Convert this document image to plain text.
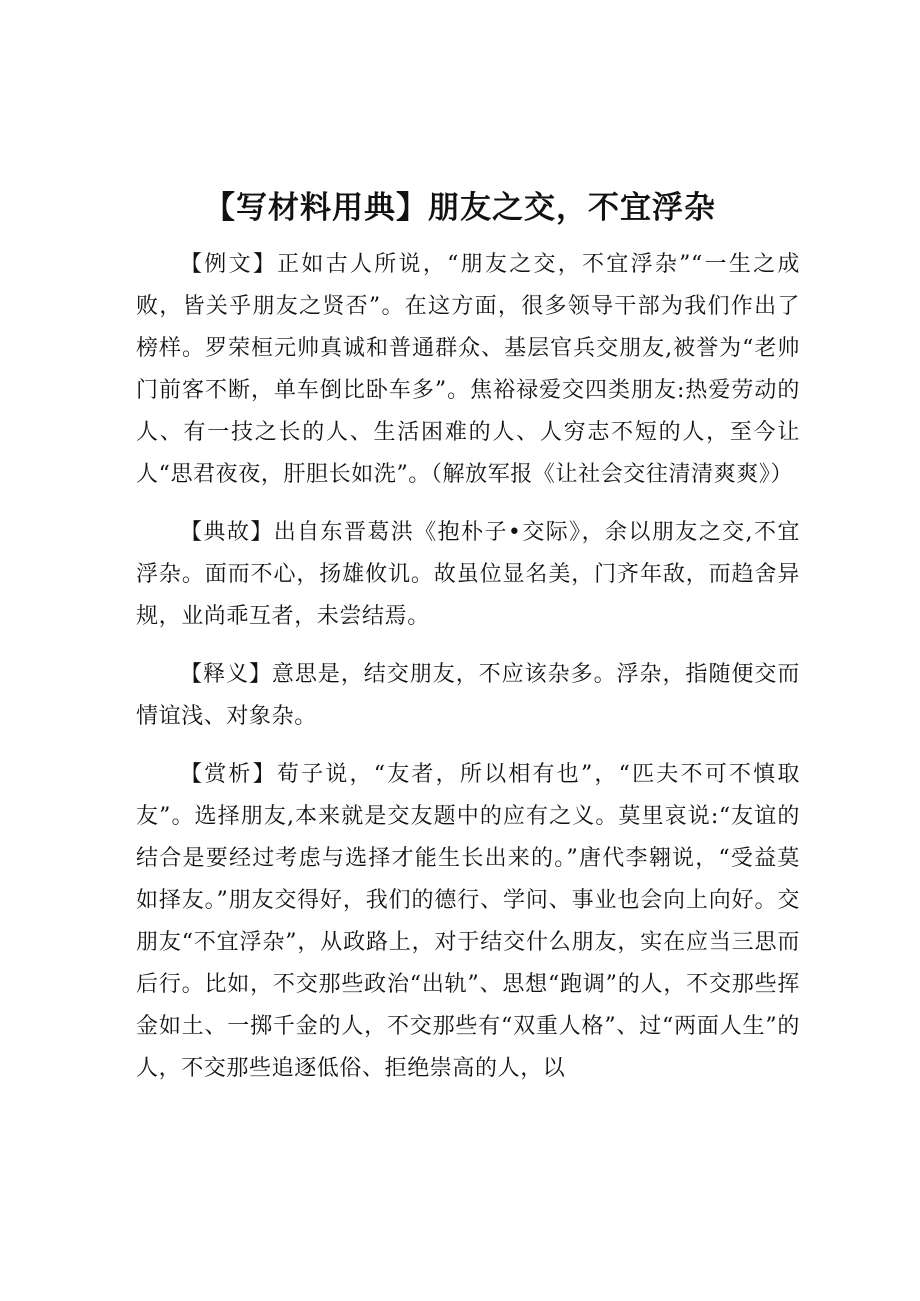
【写材料用典】朋友之交，不宜浮杂

【例文】正如古人所说，“朋友之交，不宜浮杂”“一生之成败，皆关乎朋友之贤否”。在这方面，很多领导干部为我们作出了榜样。罗荣桓元帅真诚和普通群众、基层官兵交朋友,被誉为“老帅门前客不断，单车倒比卧车多”。焦裕禄爱交四类朋友:热爱劳动的人、有一技之长的人、生活困难的人、人穷志不短的人，至今让人“思君夜夜，肝胆长如洗”。（解放军报《让社会交往清清爽爽》）

【典故】出自东晋葛洪《抱朴子•交际》，余以朋友之交,不宜浮杂。面而不心，扬雄攸讥。故虽位显名美，门齐年敌，而趋舍异规，业尚乖互者，未尝结焉。

【释义】意思是，结交朋友，不应该杂多。浮杂，指随便交而情谊浅、对象杂。

【赏析】荀子说，“友者，所以相有也”，“匹夫不可不慎取友”。选择朋友,本来就是交友题中的应有之义。莫里哀说:“友谊的结合是要经过考虑与选择才能生长出来的。”唐代李翱说，“受益莫如择友。”朋友交得好，我们的德行、学问、事业也会向上向好。交朋友“不宜浮杂”，从政路上，对于结交什么朋友，实在应当三思而后行。比如，不交那些政治“出轨”、思想“跑调”的人，不交那些挥金如土、一掷千金的人，不交那些有“双重人格”、过“两面人生”的人，不交那些追逐低俗、拒绝崇高的人，以
